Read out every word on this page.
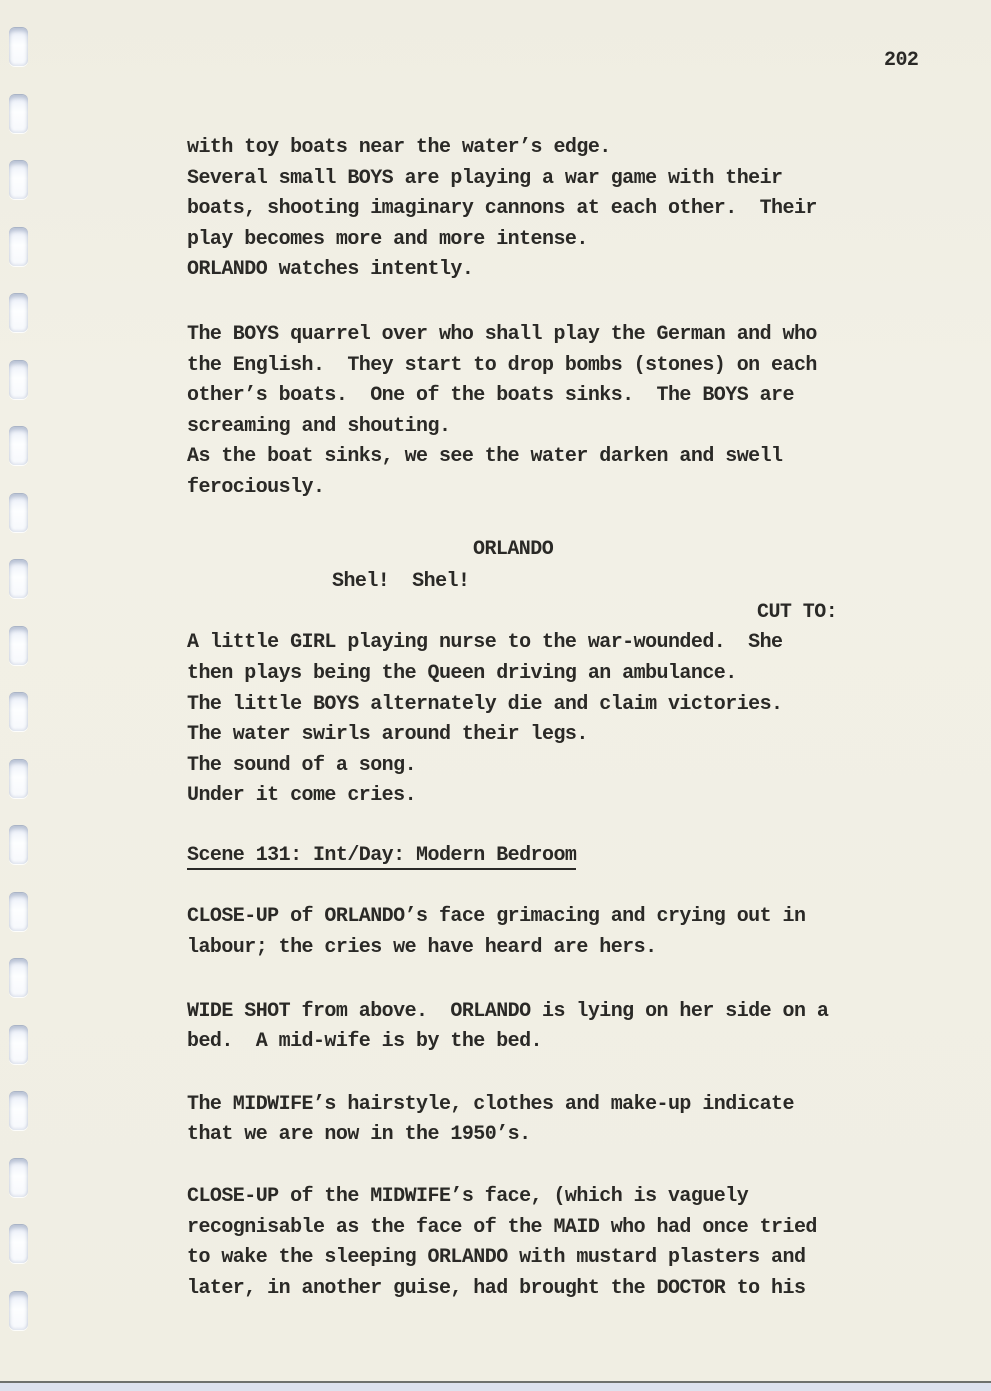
202
with toy boats near the water’s edge.
Several small BOYS are playing a war game with their
boats, shooting imaginary cannons at each other.  Their
play becomes more and more intense.
ORLANDO watches intently.
The BOYS quarrel over who shall play the German and who
the English.  They start to drop bombs (stones) on each
other’s boats.  One of the boats sinks.  The BOYS are
screaming and shouting.
As the boat sinks, we see the water darken and swell
ferociously.
ORLANDO
Shel!  Shel!
CUT TO:
A little GIRL playing nurse to the war-wounded.  She
then plays being the Queen driving an ambulance.
The little BOYS alternately die and claim victories.
The water swirls around their legs.
The sound of a song.
Under it come cries.
Scene 131: Int/Day: Modern Bedroom
CLOSE-UP of ORLANDO’s face grimacing and crying out in
labour; the cries we have heard are hers.
WIDE SHOT from above.  ORLANDO is lying on her side on a
bed.  A mid-wife is by the bed.
The MIDWIFE’s hairstyle, clothes and make-up indicate
that we are now in the 1950’s.
CLOSE-UP of the MIDWIFE’s face, (which is vaguely
recognisable as the face of the MAID who had once tried
to wake the sleeping ORLANDO with mustard plasters and
later, in another guise, had brought the DOCTOR to his
